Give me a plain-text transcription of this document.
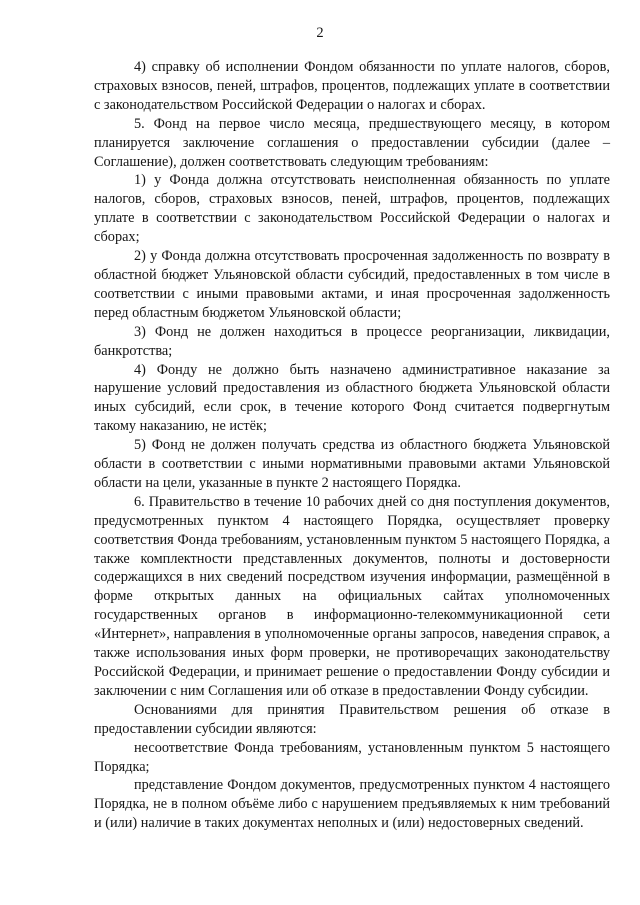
2

4) справку об исполнении Фондом обязанности по уплате налогов, сборов, страховых взносов, пеней, штрафов, процентов, подлежащих уплате в соответствии с законодательством Российской Федерации о налогах и сборах.

5. Фонд на первое число месяца, предшествующего месяцу, в котором планируется заключение соглашения о предоставлении субсидии (далее – Соглашение), должен соответствовать следующим требованиям:

1) у Фонда должна отсутствовать неисполненная обязанность по уплате налогов, сборов, страховых взносов, пеней, штрафов, процентов, подлежащих уплате в соответствии с законодательством Российской Федерации о налогах и сборах;

2) у Фонда должна отсутствовать просроченная задолженность по возврату в областной бюджет Ульяновской области субсидий, предоставленных в том числе в соответствии с иными правовыми актами, и иная просроченная задолженность перед областным бюджетом Ульяновской области;

3) Фонд не должен находиться в процессе реорганизации, ликвидации, банкротства;

4) Фонду не должно быть назначено административное наказание за нарушение условий предоставления из областного бюджета Ульяновской области иных субсидий, если срок, в течение которого Фонд считается подвергнутым такому наказанию, не истёк;

5) Фонд не должен получать средства из областного бюджета Ульяновской области в соответствии с иными нормативными правовыми актами Ульяновской области на цели, указанные в пункте 2 настоящего Порядка.

6. Правительство в течение 10 рабочих дней со дня поступления документов, предусмотренных пунктом 4 настоящего Порядка, осуществляет проверку соответствия Фонда требованиям, установленным пунктом 5 настоящего Порядка, а также комплектности представленных документов, полноты и достоверности содержащихся в них сведений посредством изучения информации, размещённой в форме открытых данных на официальных сайтах уполномоченных государственных органов в информационно-телекоммуникационной сети «Интернет», направления в уполномоченные органы запросов, наведения справок, а также использования иных форм проверки, не противоречащих законодательству Российской Федерации, и принимает решение о предоставлении Фонду субсидии и заключении с ним Соглашения или об отказе в предоставлении Фонду субсидии.

Основаниями для принятия Правительством решения об отказе в предоставлении субсидии являются:

несоответствие Фонда требованиям, установленным пунктом 5 настоящего Порядка;

представление Фондом документов, предусмотренных пунктом 4 настоящего Порядка, не в полном объёме либо с нарушением предъявляемых к ним требований и (или) наличие в таких документах неполных и (или) недостоверных сведений.
